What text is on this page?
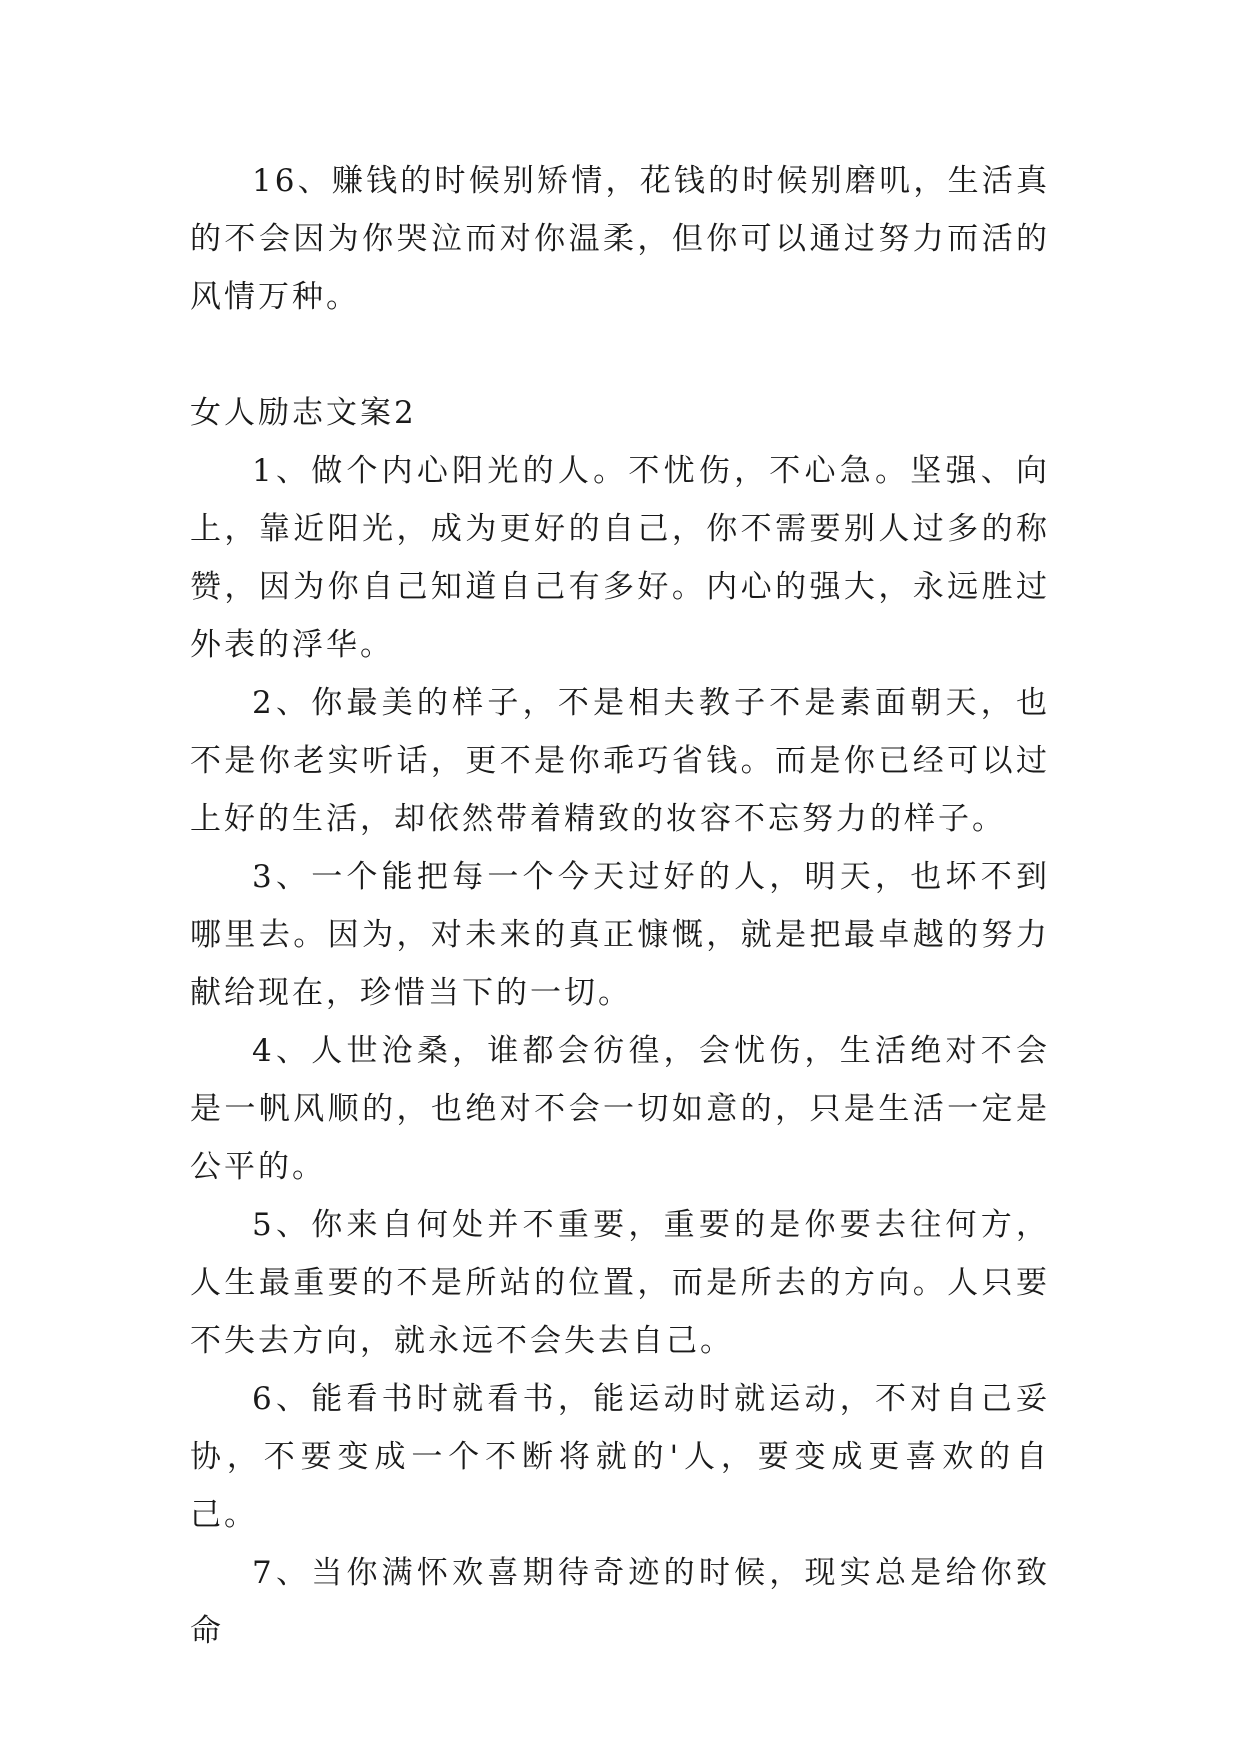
16、赚钱的时候别矫情，花钱的时候别磨叽，生活真的不会因为你哭泣而对你温柔，但你可以通过努力而活的风情万种。

女人励志文案2

1、做个内心阳光的人。不忧伤，不心急。坚强、向上，靠近阳光，成为更好的自己，你不需要别人过多的称赞，因为你自己知道自己有多好。内心的强大，永远胜过外表的浮华。

2、你最美的样子，不是相夫教子不是素面朝天，也不是你老实听话，更不是你乖巧省钱。而是你已经可以过上好的生活，却依然带着精致的妆容不忘努力的样子。

3、一个能把每一个今天过好的人，明天，也坏不到哪里去。因为，对未来的真正慷慨，就是把最卓越的努力献给现在，珍惜当下的一切。

4、人世沧桑，谁都会彷徨，会忧伤，生活绝对不会是一帆风顺的，也绝对不会一切如意的，只是生活一定是公平的。

5、你来自何处并不重要，重要的是你要去往何方，人生最重要的不是所站的位置，而是所去的方向。人只要不失去方向，就永远不会失去自己。

6、能看书时就看书，能运动时就运动，不对自己妥协，不要变成一个不断将就的'人，要变成更喜欢的自己。

7、当你满怀欢喜期待奇迹的时候，现实总是给你致命
